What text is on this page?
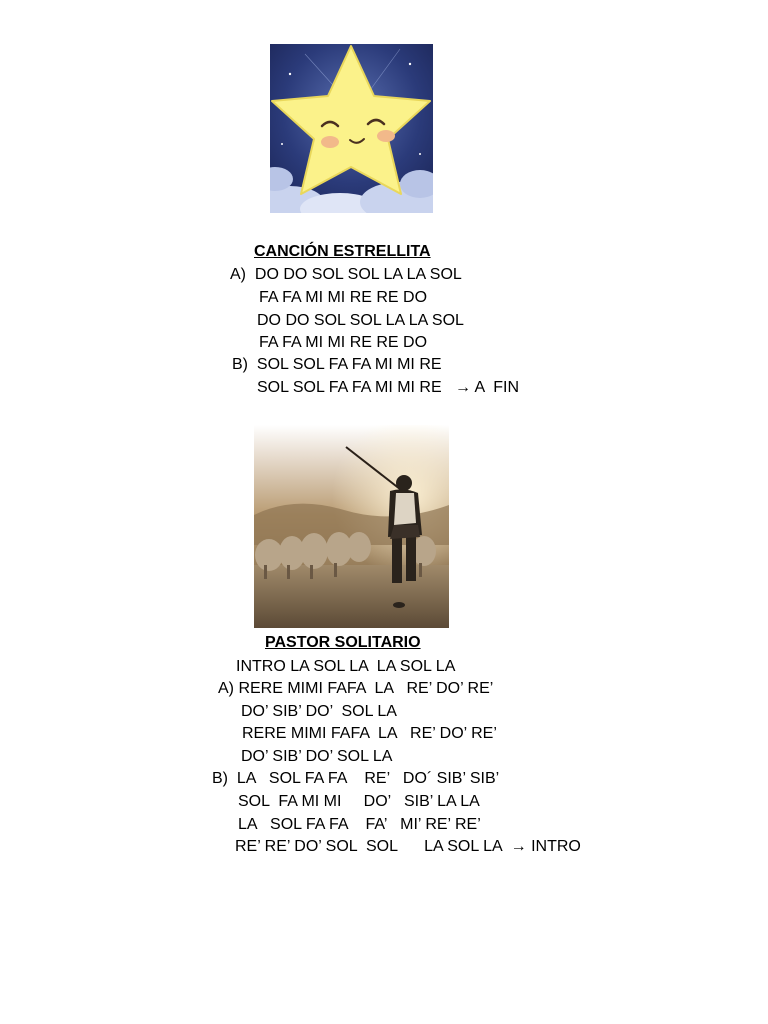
CANCIÓN ESTRELLITA
A)  DO DO SOL SOL LA LA SOL
FA FA MI MI RE RE DO
DO DO SOL SOL LA LA SOL
FA FA MI MI RE RE DO
B)  SOL SOL FA FA MI MI RE
SOL SOL FA FA MI MI RE   → A  FIN
PASTOR SOLITARIO
INTRO LA SOL LA  LA SOL LA
A) RERE MIMI FAFA  LA   RE’ DO’ RE’
DO’ SIB’ DO’  SOL LA
RERE MIMI FAFA  LA   RE’ DO’ RE’
DO’ SIB’ DO’ SOL LA
B)  LA   SOL FA FA    RE’   DO´ SIB’ SIB’
SOL  FA MI MI     DO’   SIB’ LA LA
LA   SOL FA FA    FA’   MI’ RE’ RE’
RE’ RE’ DO’ SOL  SOL      LA SOL LA  → INTRO
